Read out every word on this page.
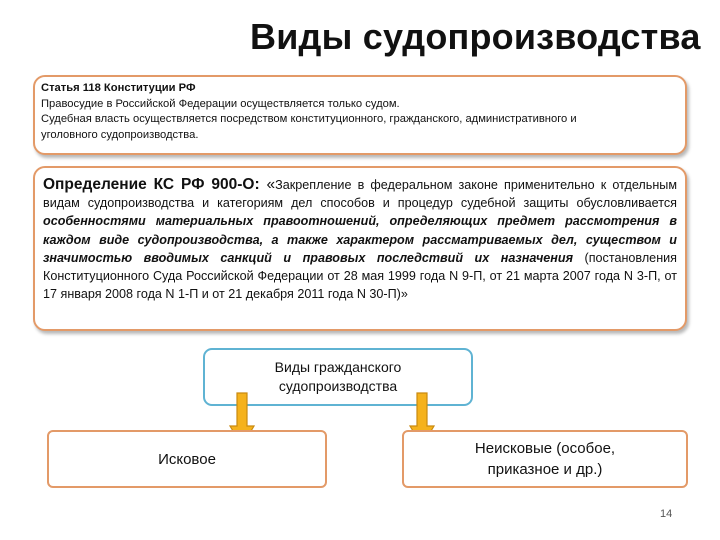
Виды судопроизводства
Статья 118 Конституции РФ
Правосудие в Российской Федерации осуществляется только судом.
Судебная власть осуществляется посредством конституционного, гражданского, административного и
уголовного судопроизводства.
Определение КС РФ 900-О: «Закрепление в федеральном законе применительно к отдельным видам судопроизводства и категориям дел способов и процедур судебной защиты обусловливается особенностями материальных правоотношений, определяющих предмет рассмотрения в каждом виде судопроизводства, а также характером рассматриваемых дел, существом и значимостью вводимых санкций и правовых последствий их назначения (постановления Конституционного Суда Российской Федерации от 28 мая 1999 года N 9-П, от 21 марта 2007 года N 3-П, от 17 января 2008 года N 1-П и от 21 декабря 2011 года N 30-П)»
Виды гражданского
судопроизводства
Исковое
Неисковые (особое,
приказное и др.)
14
